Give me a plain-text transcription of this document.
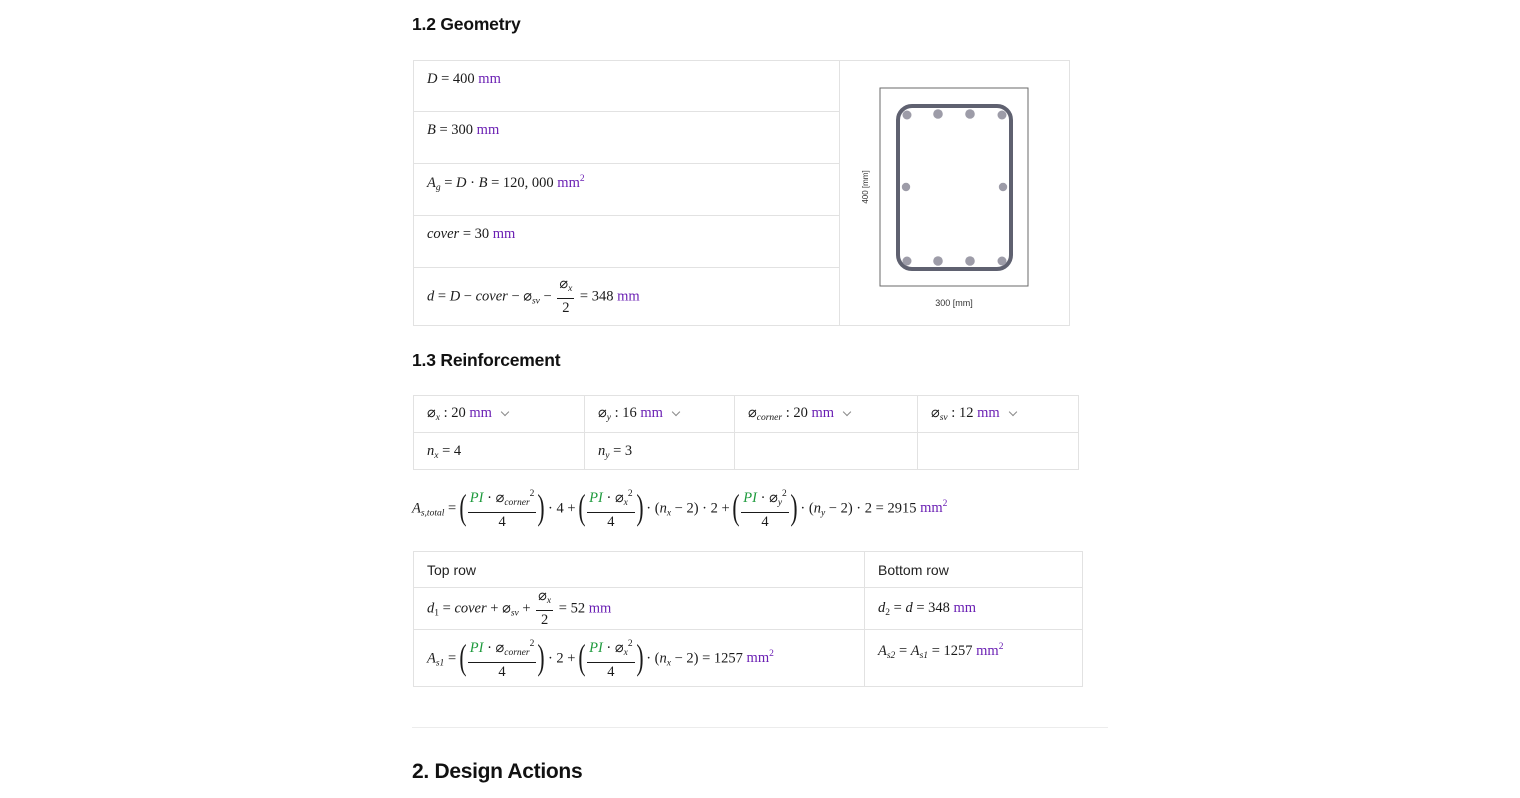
1.2 Geometry
D = 400 mm
B = 300 mm
$A_g = D \cdot B = 120$, 000 $mm^2$
cover = 30 mm
d = D − cover − $⌀_{sv} - \frac{⌀_x}{2} = 348$ mm	300 [mm]
400 [mm]
1.3 Reinforcement
$⌀_x$ : 20 mm	$⌀_y$ : 16 mm	$⌀_{corner}$ : 20 mm	$⌀_{sv}$ : 12 mm
$n_x = 4$	$n_y = 3$
$A_{s,total}$ = ( $\frac{PI \cdot ⌀_{corner}^2}{4}$ ) · 4 + ( $\frac{PI \cdot ⌀_x^2}{4}$ ) · $(n_x - 2) \cdot 2$ + ( $\frac{PI \cdot ⌀_y^2}{4}$ ) · $(n_y - 2) \cdot 2 = 2915$ $mm^2$
Top row	Bottom row
$d_1$ = cover + $⌀_{sv} + \frac{⌀_x}{2} = 52$ mm	$d_2 = d = 348$ mm
$A_{s1}$ = ( $\frac{PI \cdot ⌀_{corner}^2}{4}$ ) · 2 + ( $\frac{PI \cdot ⌀_x^2}{4}$ ) · $(n_x - 2) = 1257$ $mm^2$	$A_{s2} = A_{s1} = 1257$ $mm^2$
2. Design Actions
